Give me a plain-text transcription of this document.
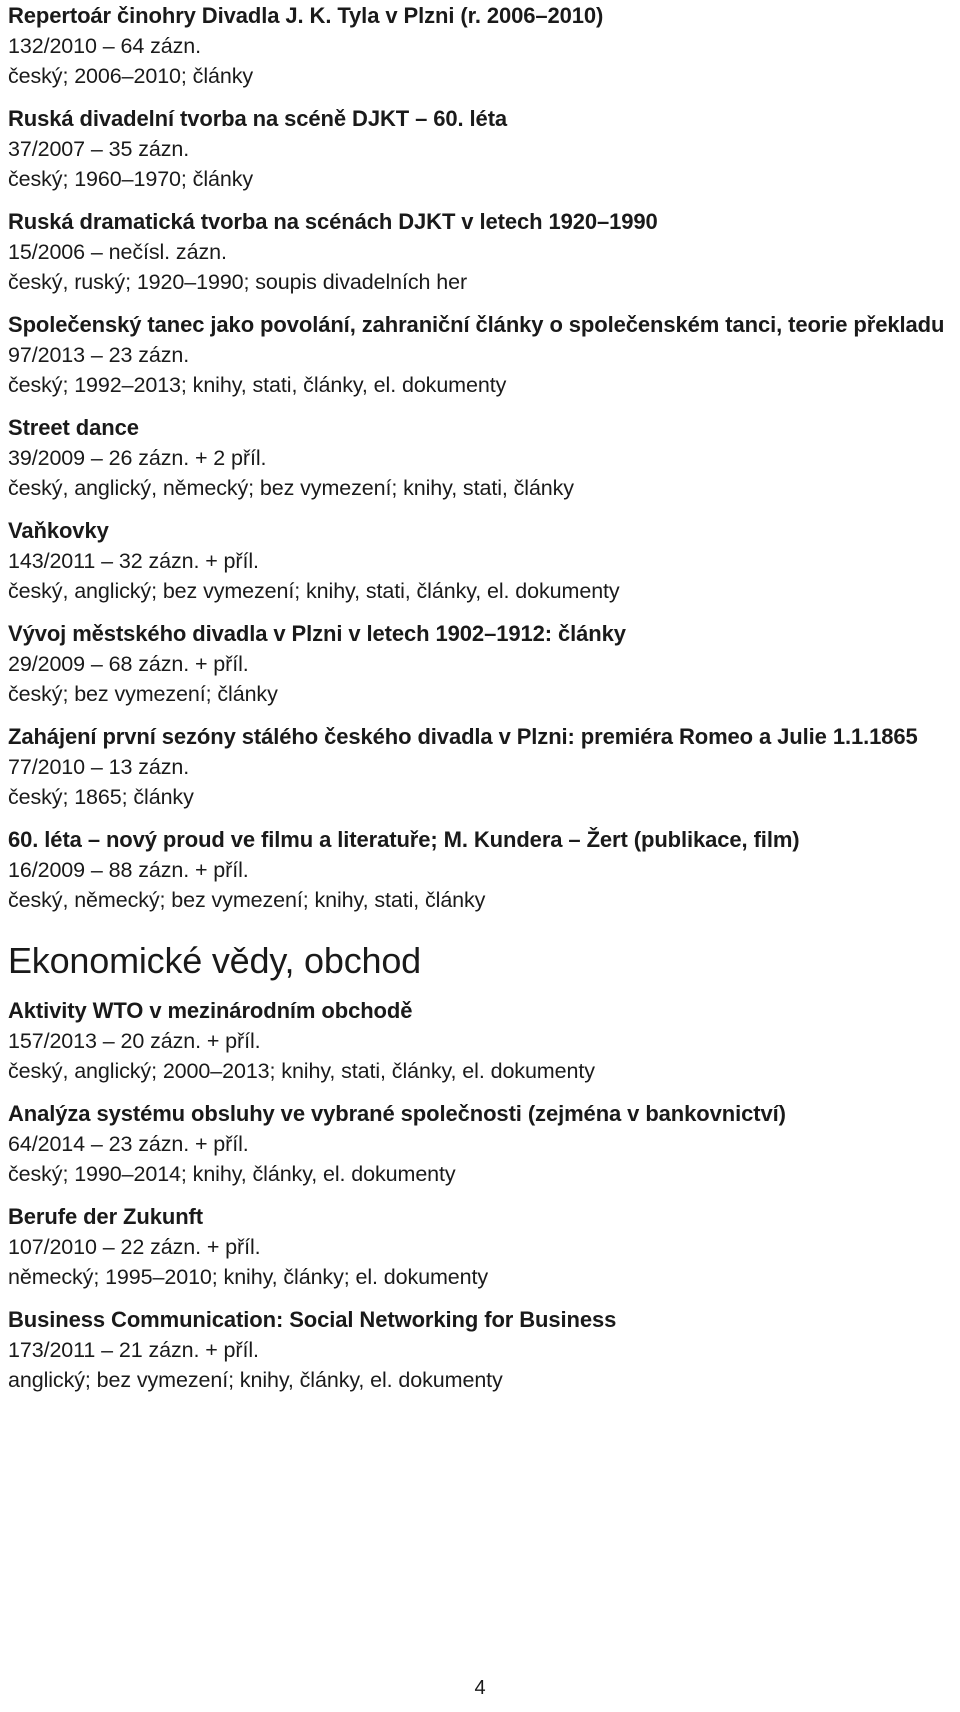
Repertoár činohry Divadla J. K. Tyla v Plzni (r. 2006–2010)

132/2010 – 64 zázn.

český; 2006–2010; články

Ruská divadelní tvorba na scéně DJKT – 60. léta

37/2007 – 35 zázn.

český; 1960–1970; články

Ruská dramatická tvorba na scénách DJKT v letech 1920–1990

15/2006 – nečísl. zázn.

český, ruský; 1920–1990; soupis divadelních her

Společenský tanec jako povolání, zahraniční články o společenském tanci, teorie překladu

97/2013 – 23 zázn.

český; 1992–2013; knihy, stati, články, el. dokumenty

Street dance

39/2009 – 26 zázn. + 2 příl.

český, anglický, německý; bez vymezení; knihy, stati, články

Vaňkovky

143/2011 – 32 zázn. + příl.

český, anglický; bez vymezení; knihy, stati, články, el. dokumenty

Vývoj městského divadla v Plzni v letech 1902–1912: články

29/2009 – 68 zázn. + příl.

český; bez vymezení; články

Zahájení první sezóny stálého českého divadla v Plzni: premiéra Romeo a Julie 1.1.1865

77/2010 – 13 zázn.

český; 1865; články

60. léta – nový proud ve filmu a literatuře; M. Kundera – Žert (publikace, film)

16/2009 – 88 zázn. + příl.

český, německý; bez vymezení; knihy, stati, články

Ekonomické vědy, obchod

Aktivity WTO v mezinárodním obchodě

157/2013 – 20 zázn. + příl.

český, anglický; 2000–2013; knihy, stati, články, el. dokumenty

Analýza systému obsluhy ve vybrané společnosti (zejména v bankovnictví)

64/2014 – 23 zázn. + příl.

český; 1990–2014; knihy, články, el. dokumenty

Berufe der Zukunft

107/2010 – 22 zázn. + příl.

německý; 1995–2010; knihy, články; el. dokumenty

Business Communication: Social Networking for Business

173/2011 – 21 zázn. + příl.

anglický; bez vymezení; knihy, články, el. dokumenty

4
